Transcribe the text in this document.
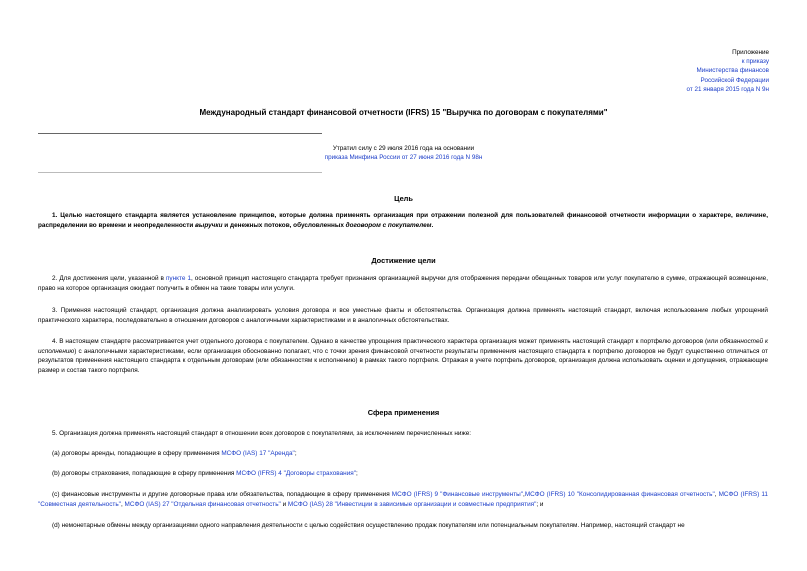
Приложение
к приказу
Министерства финансов
Российской Федерации
от 21 января 2015 года N 9н
Международный стандарт финансовой отчетности (IFRS) 15 "Выручка по договорам с покупателями"
Утратил силу с 29 июля 2016 года на основании
приказа Минфина России от 27 июня 2016 года N 98н
Цель
1. Целью настоящего стандарта является установление принципов, которые должна применять организация при отражении полезной для пользователей финансовой отчетности информации о характере, величине, распределении во времени и неопределенности выручки и денежных потоков, обусловленных договором с покупателем.
Достижение цели
2. Для достижения цели, указанной в пункте 1, основной принцип настоящего стандарта требует признания организацией выручки для отображения передачи обещанных товаров или услуг покупателю в сумме, отражающей возмещение, право на которое организация ожидает получить в обмен на такие товары или услуги.
3. Применяя настоящий стандарт, организация должна анализировать условия договора и все уместные факты и обстоятельства. Организация должна применять настоящий стандарт, включая использование любых упрощений практического характера, последовательно в отношении договоров с аналогичными характеристиками и в аналогичных обстоятельствах.
4. В настоящем стандарте рассматривается учет отдельного договора с покупателем. Однако в качестве упрощения практического характера организация может применять настоящий стандарт к портфелю договоров (или обязанностей к исполнению) с аналогичными характеристиками, если организация обоснованно полагает, что с точки зрения финансовой отчетности результаты применения настоящего стандарта к портфелю договоров не будут существенно отличаться от результатов применения настоящего стандарта к отдельным договорам (или обязанностям к исполнению) в рамках такого портфеля. Отражая в учете портфель договоров, организация должна использовать оценки и допущения, отражающие размер и состав такого портфеля.
Сфера применения
5. Организация должна применять настоящий стандарт в отношении всех договоров с покупателями, за исключением перечисленных ниже:
(a) договоры аренды, попадающие в сферу применения МСФО (IAS) 17 "Аренда";
(b) договоры страхования, попадающие в сферу применения МСФО (IFRS) 4 "Договоры страхования";
(c) финансовые инструменты и другие договорные права или обязательства, попадающие в сферу применения МСФО (IFRS) 9 "Финансовые инструменты",МСФО (IFRS) 10 "Консолидированная финансовая отчетность", МСФО (IFRS) 11 "Совместная деятельность", МСФО (IAS) 27 "Отдельная финансовая отчетность" и МСФО (IAS) 28 "Инвестиции в зависимые организации и совместные предприятия"; и
(d) немонетарные обмены между организациями одного направления деятельности с целью содействия осуществлению продаж покупателям или потенциальным покупателям. Например, настоящий стандарт не
